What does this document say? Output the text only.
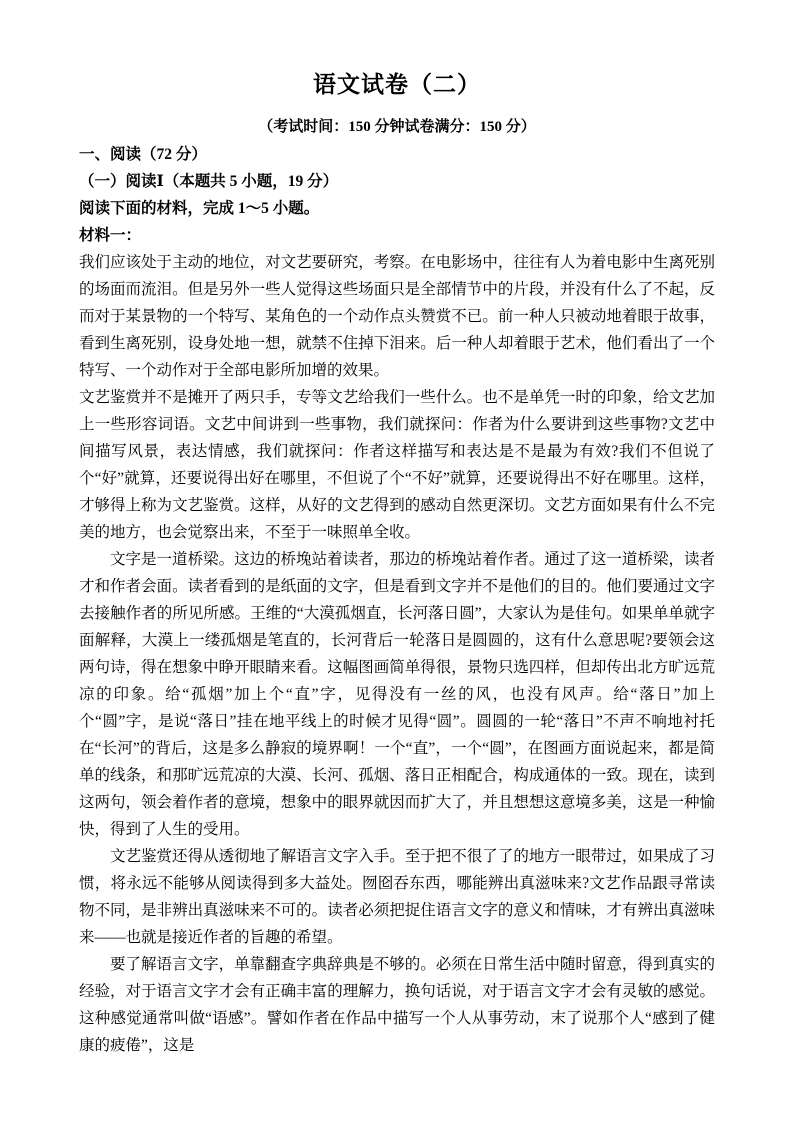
语文试卷（二）
（考试时间：150 分钟试卷满分：150 分）
一、阅读（72 分）
（一）阅读Ⅰ（本题共 5 小题，19 分）
阅读下面的材料，完成 1～5 小题。
材料一：

我们应该处于主动的地位，对文艺要研究，考察。在电影场中，往往有人为着电影中生离死别的场面而流泪。但是另外一些人觉得这些场面只是全部情节中的片段，并没有什么了不起，反而对于某景物的一个特写、某角色的一个动作点头赞赏不已。前一种人只被动地着眼于故事，看到生离死别，设身处地一想，就禁不住掉下泪来。后一种人却着眼于艺术，他们看出了一个特写、一个动作对于全部电影所加增的效果。

文艺鉴赏并不是摊开了两只手，专等文艺给我们一些什么。也不是单凭一时的印象，给文艺加上一些形容词语。文艺中间讲到一些事物，我们就探问：作者为什么要讲到这些事物?文艺中间描写风景，表达情感，我们就探问：作者这样描写和表达是不是最为有效?我们不但说了个“好”就算，还要说得出好在哪里，不但说了个“不好”就算，还要说得出不好在哪里。这样，才够得上称为文艺鉴赏。这样，从好的文艺得到的感动自然更深切。文艺方面如果有什么不完美的地方，也会觉察出来，不至于一味照单全收。

文字是一道桥梁。这边的桥堍站着读者，那边的桥堍站着作者。通过了这一道桥梁，读者才和作者会面。读者看到的是纸面的文字，但是看到文字并不是他们的目的。他们要通过文字去接触作者的所见所感。王维的“大漠孤烟直，长河落日圆”，大家认为是佳句。如果单单就字面解释，大漠上一缕孤烟是笔直的，长河背后一轮落日是圆圆的，这有什么意思呢?要领会这两句诗，得在想象中睁开眼睛来看。这幅图画简单得很，景物只选四样，但却传出北方旷远荒凉的印象。给“孤烟”加上个“直”字，见得没有一丝的风，也没有风声。给“落日”加上个“圆”字，是说“落日”挂在地平线上的时候才见得“圆”。圆圆的一轮“落日”不声不响地衬托在“长河”的背后，这是多么静寂的境界啊！一个“直”，一个“圆”，在图画方面说起来，都是简单的线条，和那旷远荒凉的大漠、长河、孤烟、落日正相配合，构成通体的一致。现在，读到这两句，领会着作者的意境，想象中的眼界就因而扩大了，并且想想这意境多美，这是一种愉快，得到了人生的受用。

文艺鉴赏还得从透彻地了解语言文字入手。至于把不很了了的地方一眼带过，如果成了习惯，将永远不能够从阅读得到多大益处。囫囵吞东西，哪能辨出真滋味来?文艺作品跟寻常读物不同，是非辨出真滋味来不可的。读者必须把捉住语言文字的意义和情味，才有辨出真滋味来——也就是接近作者的旨趣的希望。

要了解语言文字，单靠翻查字典辞典是不够的。必须在日常生活中随时留意，得到真实的经验，对于语言文字才会有正确丰富的理解力，换句话说，对于语言文字才会有灵敏的感觉。这种感觉通常叫做“语感”。譬如作者在作品中描写一个人从事劳动，末了说那个人“感到了健康的疲倦”，这是
